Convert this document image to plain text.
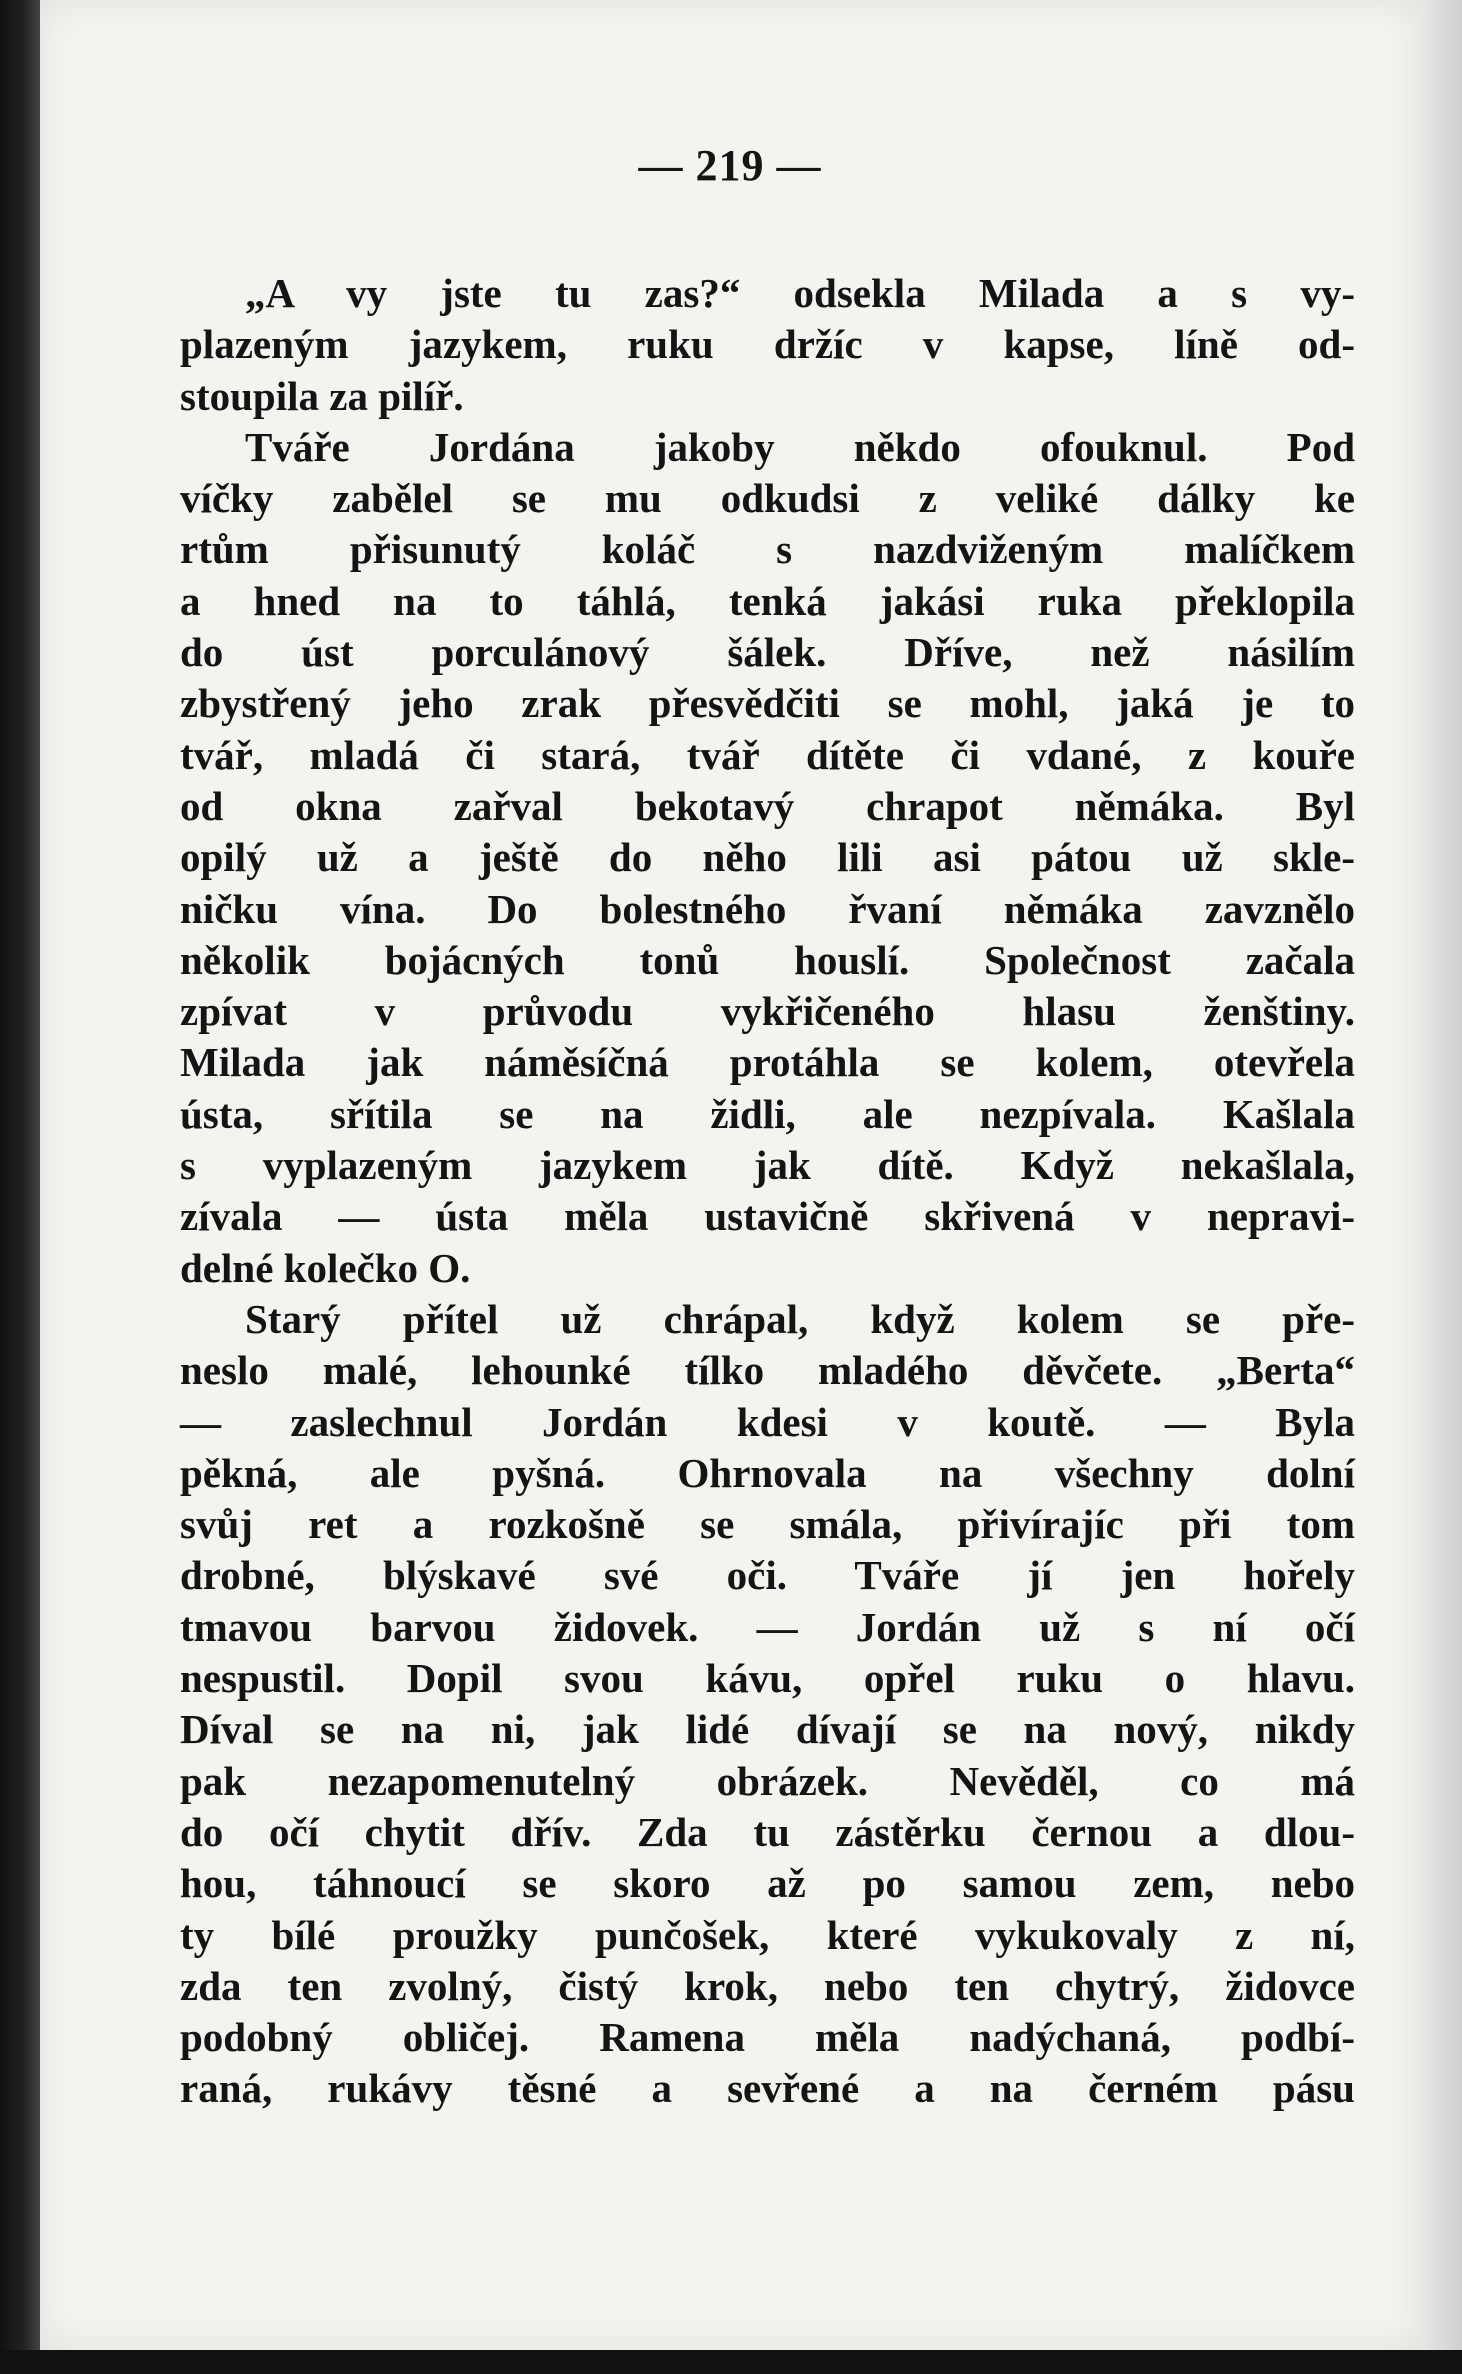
— 219 —
„A vy jste tu zas?“ odsekla Milada a s vy-
plazeným jazykem, ruku držíc v kapse, líně od-
stoupila za pilíř.
Tváře Jordána jakoby někdo ofouknul. Pod
víčky zabělel se mu odkudsi z veliké dálky ke
rtům přisunutý koláč s nazdviženým malíčkem
a hned na to táhlá, tenká jakási ruka překlopila
do úst porculánový šálek. Dříve, než násilím
zbystřený jeho zrak přesvědčiti se mohl, jaká je to
tvář, mladá či stará, tvář dítěte či vdané, z kouře
od okna zařval bekotavý chrapot němáka. Byl
opilý už a ještě do něho lili asi pátou už skle-
ničku vína. Do bolestného řvaní němáka zavznělo
několik bojácných tonů houslí. Společnost začala
zpívat v průvodu vykřičeného hlasu ženštiny.
Milada jak náměsíčná protáhla se kolem, otevřela
ústa, sřítila se na židli, ale nezpívala. Kašlala
s vyplazeným jazykem jak dítě. Když nekašlala,
zívala — ústa měla ustavičně skřivená v nepravi-
delné kolečko O.
Starý přítel už chrápal, když kolem se pře-
neslo malé, lehounké tílko mladého děvčete. „Berta“
— zaslechnul Jordán kdesi v koutě. — Byla
pěkná, ale pyšná. Ohrnovala na všechny dolní
svůj ret a rozkošně se smála, přivírajíc při tom
drobné, blýskavé své oči. Tváře jí jen hořely
tmavou barvou židovek. — Jordán už s ní očí
nespustil. Dopil svou kávu, opřel ruku o hlavu.
Díval se na ni, jak lidé dívají se na nový, nikdy
pak nezapomenutelný obrázek. Nevěděl, co má
do očí chytit dřív. Zda tu zástěrku černou a dlou-
hou, táhnoucí se skoro až po samou zem, nebo
ty bílé proužky punčošek, které vykukovaly z ní,
zda ten zvolný, čistý krok, nebo ten chytrý, židovce
podobný obličej. Ramena měla nadýchaná, podbí-
raná, rukávy těsné a sevřené a na černém pásu
